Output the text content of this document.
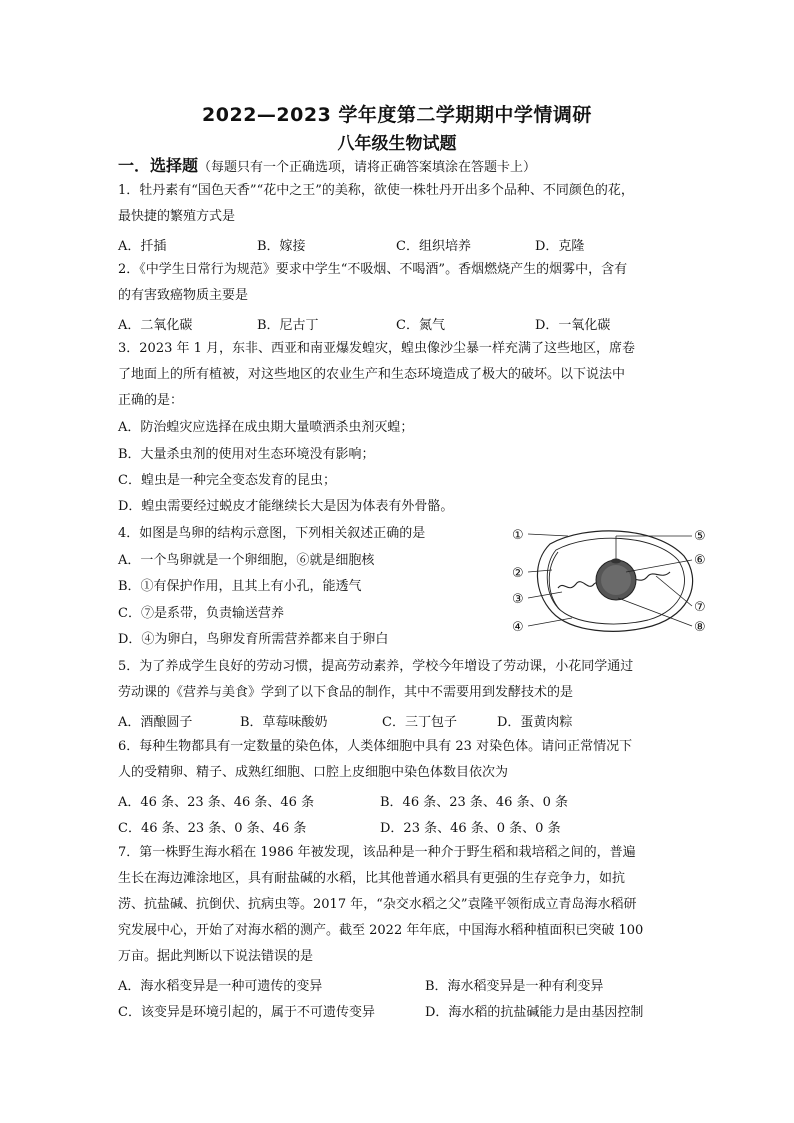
2022—2023 学年度第二学期期中学情调研
八年级生物试题
一．选择题（每题只有一个正确选项，请将正确答案填涂在答题卡上）
1．牡丹素有“国色天香”“花中之王”的美称，欲使一株牡丹开出多个品种、不同颜色的花，
最快捷的繁殖方式是
A．扦插	B．嫁接	C．组织培养	D．克隆
2．《中学生日常行为规范》要求中学生“不吸烟、不喝酒”。香烟燃烧产生的烟雾中，含有
的有害致癌物质主要是
A．二氧化碳	B．尼古丁	C．氮气	D．一氧化碳
3．2023 年 1 月，东非、西亚和南亚爆发蝗灾，蝗虫像沙尘暴一样充满了这些地区，席卷
了地面上的所有植被，对这些地区的农业生产和生态环境造成了极大的破坏。以下说法中
正确的是：
A．防治蝗灾应选择在成虫期大量喷洒杀虫剂灭蝗；
B．大量杀虫剂的使用对生态环境没有影响；
C．蝗虫是一种完全变态发育的昆虫；
D．蝗虫需要经过蜕皮才能继续长大是因为体表有外骨骼。
4．如图是鸟卵的结构示意图，下列相关叙述正确的是
A．一个鸟卵就是一个卵细胞，⑥就是细胞核
B．①有保护作用，且其上有小孔，能透气
C．⑦是系带，负责输送营养
D．④为卵白，鸟卵发育所需营养都来自于卵白
①
②
③
④
⑤
⑥
⑦
⑧
5．为了养成学生良好的劳动习惯，提高劳动素养，学校今年增设了劳动课，小花同学通过
劳动课的《营养与美食》学到了以下食品的制作，其中不需要用到发酵技术的是
A．酒酿圆子	B．草莓味酸奶	C．三丁包子	D．蛋黄肉粽
6．每种生物都具有一定数量的染色体，人类体细胞中具有 23 对染色体。请问正常情况下
人的受精卵、精子、成熟红细胞、口腔上皮细胞中染色体数目依次为
A．46 条、23 条、46 条、46 条	B．46 条、23 条、46 条、0 条
C．46 条、23 条、0 条、46 条	D．23 条、46 条、0 条、0 条
7．第一株野生海水稻在 1986 年被发现，该品种是一种介于野生稻和栽培稻之间的，普遍
生长在海边滩涂地区，具有耐盐碱的水稻，比其他普通水稻具有更强的生存竞争力，如抗
涝、抗盐碱、抗倒伏、抗病虫等。2017 年，“杂交水稻之父”袁隆平领衔成立青岛海水稻研
究发展中心，开始了对海水稻的测产。截至 2022 年年底，中国海水稻种植面积已突破 100
万亩。据此判断以下说法错误的是
A．海水稻变异是一种可遗传的变异	B．海水稻变异是一种有利变异
C．该变异是环境引起的，属于不可遗传变异	D．海水稻的抗盐碱能力是由基因控制
